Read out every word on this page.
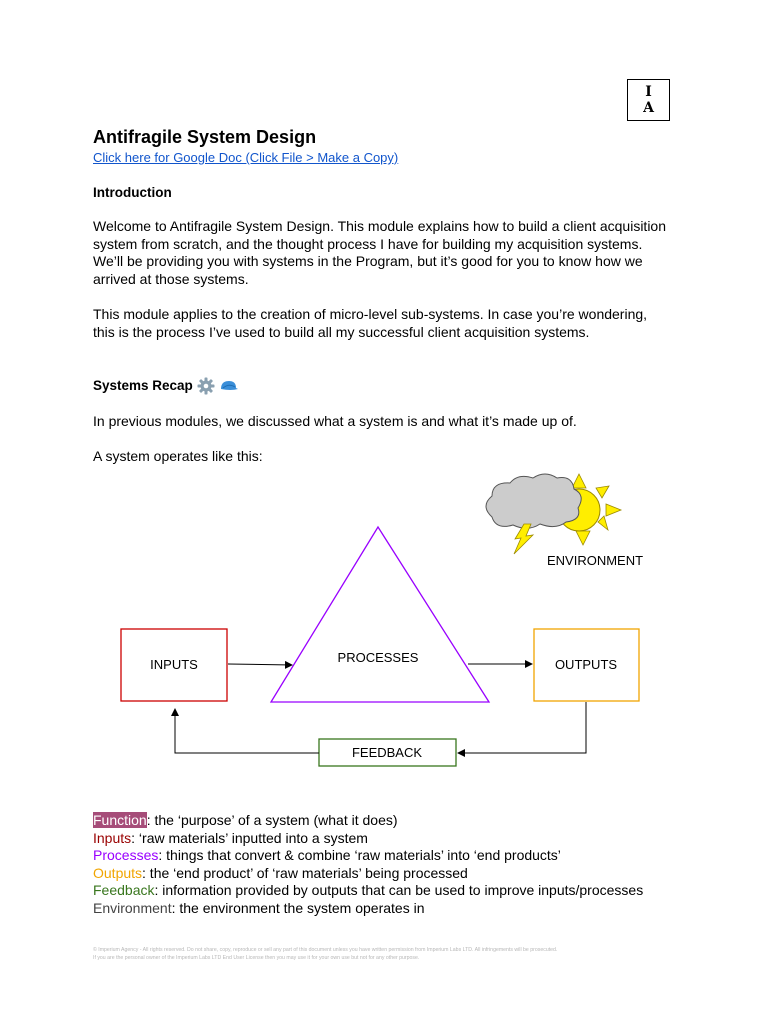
I
A
Antifragile System Design
Click here for Google Doc (Click File > Make a Copy)
Introduction
Welcome to Antifragile System Design. This module explains how to build a client acquisition
system from scratch, and the thought process I have for building my acquisition systems.
We’ll be providing you with systems in the Program, but it’s good for you to know how we
arrived at those systems.
This module applies to the creation of micro-level sub-systems. In case you’re wondering,
this is the process I’ve used to build all my successful client acquisition systems.
Systems Recap
In previous modules, we discussed what a system is and what it’s made up of.
A system operates like this:
ENVIRONMENT
PROCESSES
INPUTS	OUTPUTS
FEEDBACK
Function: the ‘purpose’ of a system (what it does)
Inputs: ‘raw materials’ inputted into a system
Processes: things that convert & combine ‘raw materials’ into ‘end products’
Outputs: the ‘end product’ of ‘raw materials’ being processed
Feedback: information provided by outputs that can be used to improve inputs/processes
Environment: the environment the system operates in
© Imperium Agency - All rights reserved. Do not share, copy, reproduce or sell any part of this document unless you have written permission from Imperium Labs LTD. All infringements will be prosecuted.
If you are the personal owner of the Imperium Labs LTD End User License then you may use it for your own use but not for any other purpose.
